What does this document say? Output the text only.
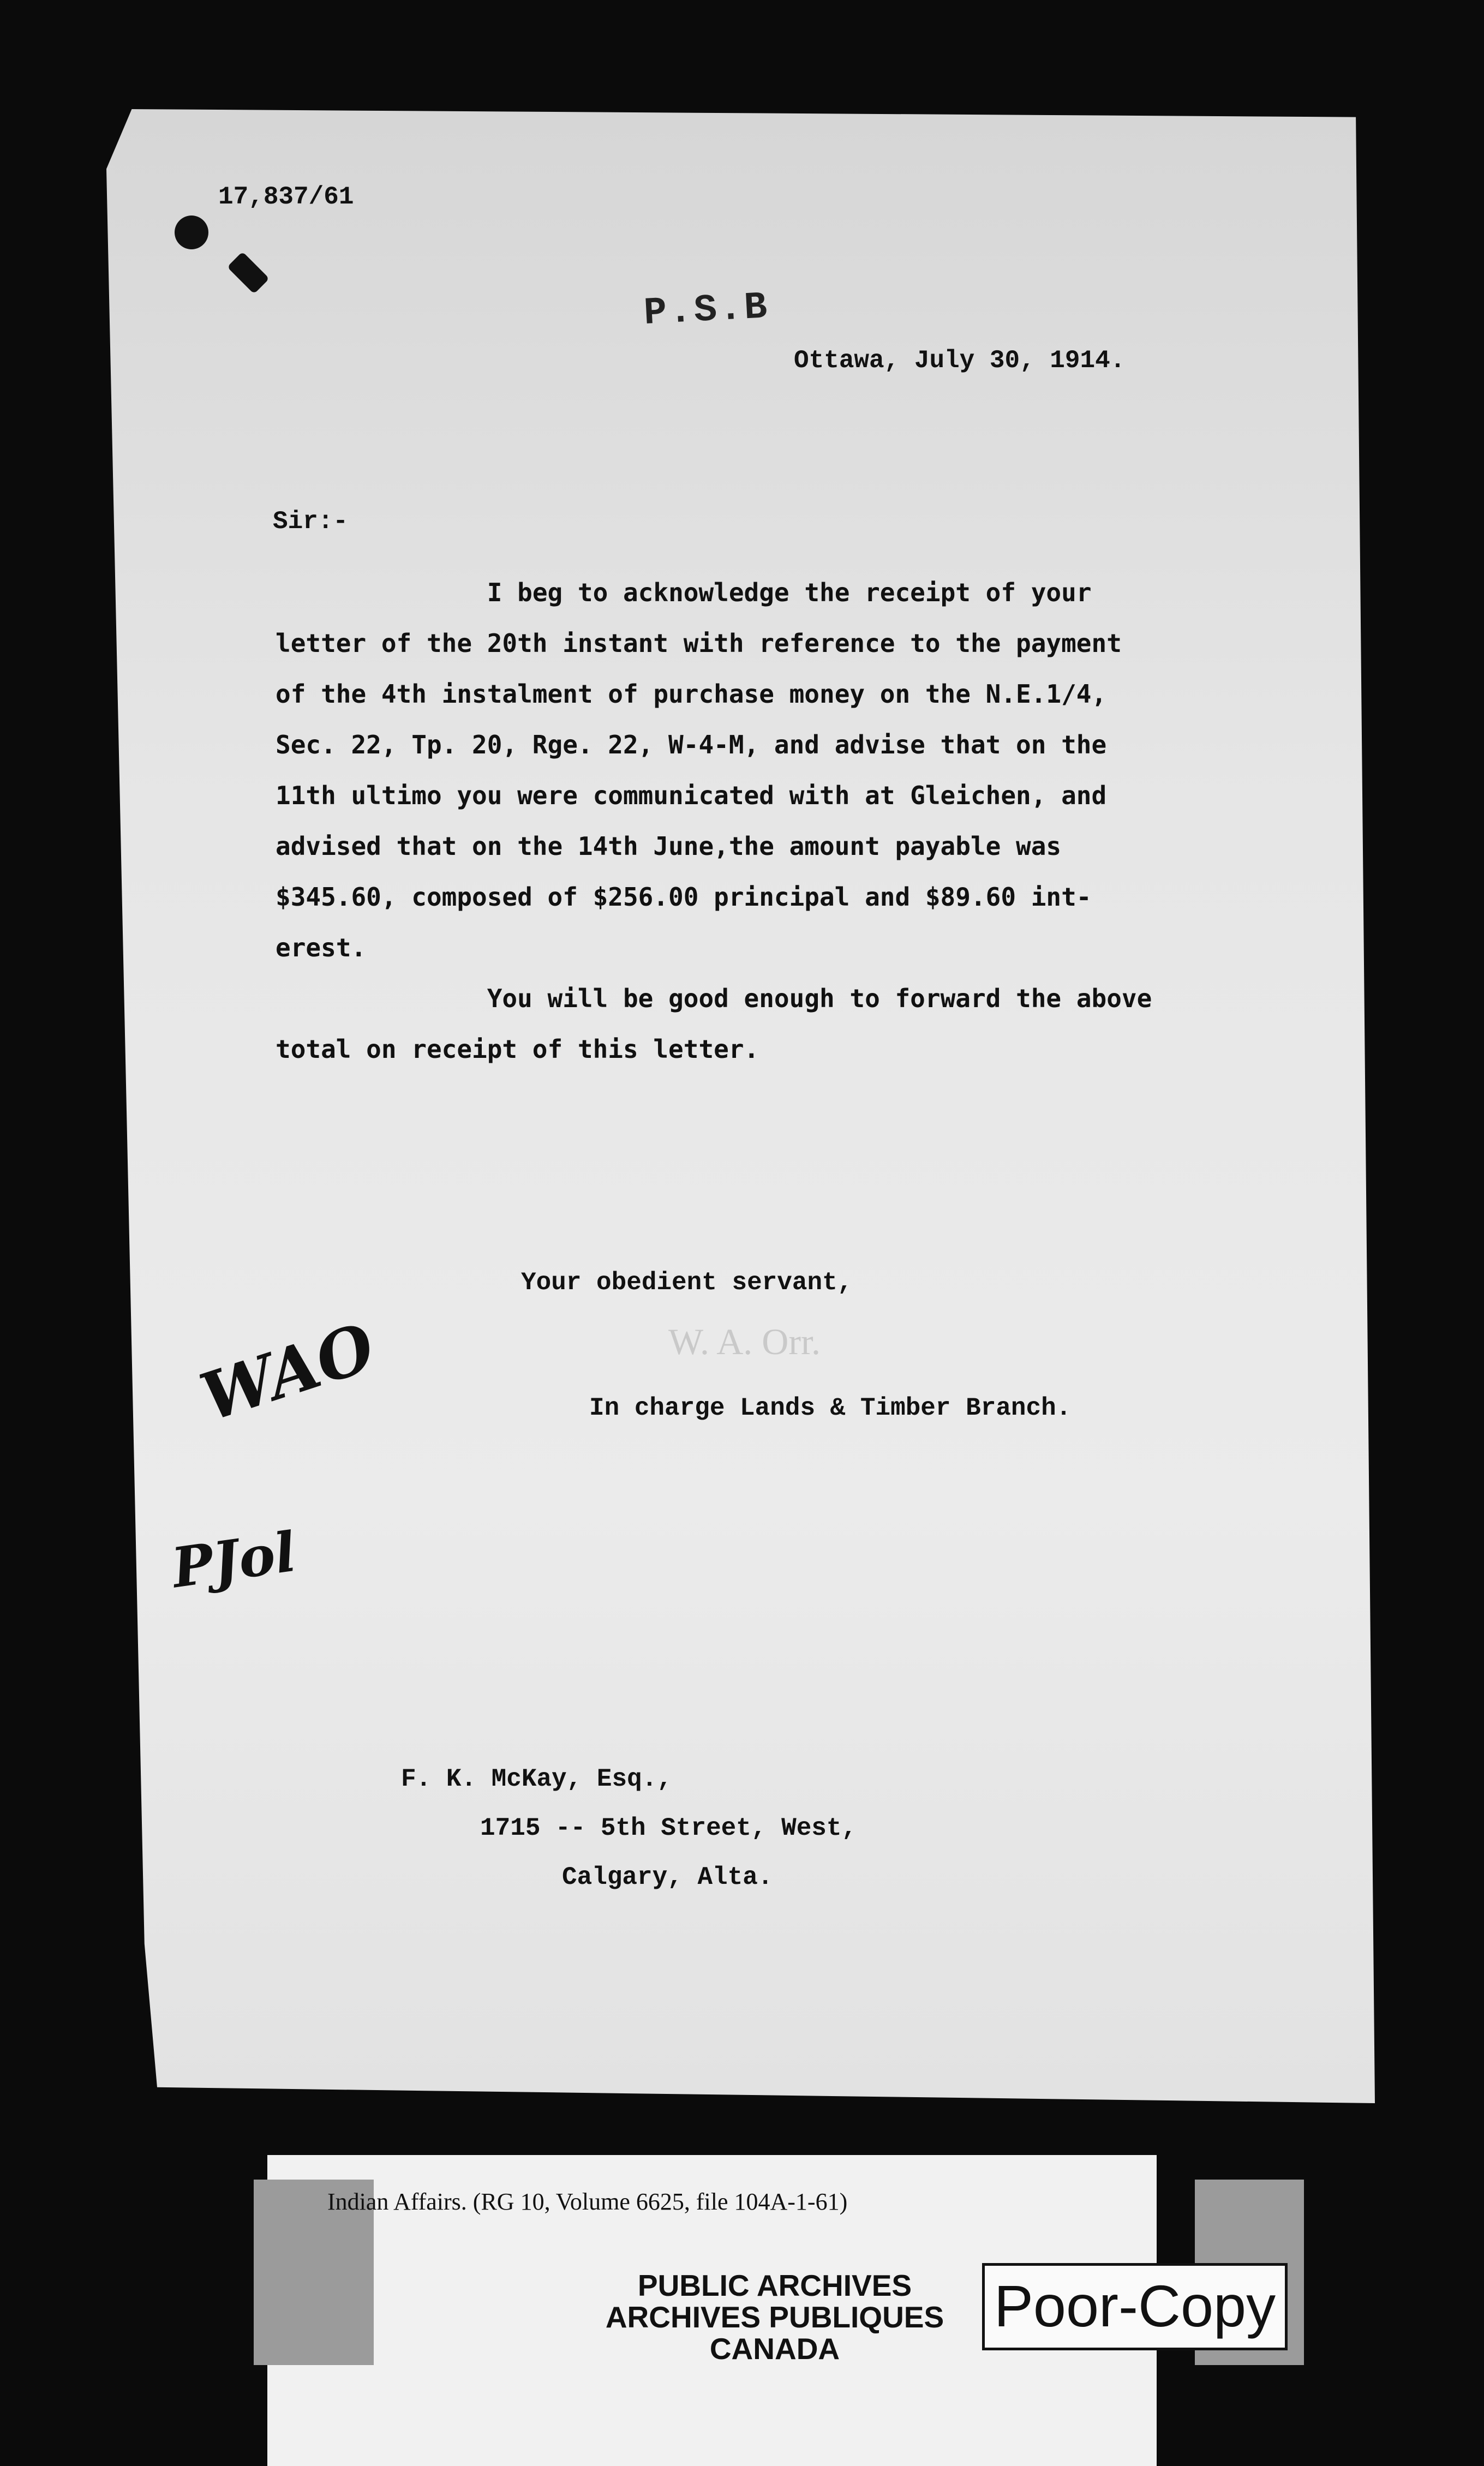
17,837/61
P.S.B
Ottawa, July 30, 1914.
Sir:-
I beg to acknowledge the receipt of your
letter of the 20th instant with reference to the payment
of the 4th instalment of purchase money on the N.E.1/4,
Sec. 22, Tp. 20, Rge. 22, W-4-M, and advise that on the
11th ultimo you were communicated with at Gleichen, and
advised that on the 14th June,the amount payable was
$345.60, composed of $256.00 principal and $89.60 int-
erest.
You will be good enough to forward the above
total on receipt of this letter.
Your obedient servant,
W. A. Orr.
In charge Lands & Timber Branch.
WAO
PJol
F. K. McKay, Esq.,
1715 -- 5th Street, West,
Calgary, Alta.
Indian Affairs. (RG 10, Volume 6625, file 104A-1-61)
PUBLIC ARCHIVES
ARCHIVES PUBLIQUES
CANADA
Poor-Copy
